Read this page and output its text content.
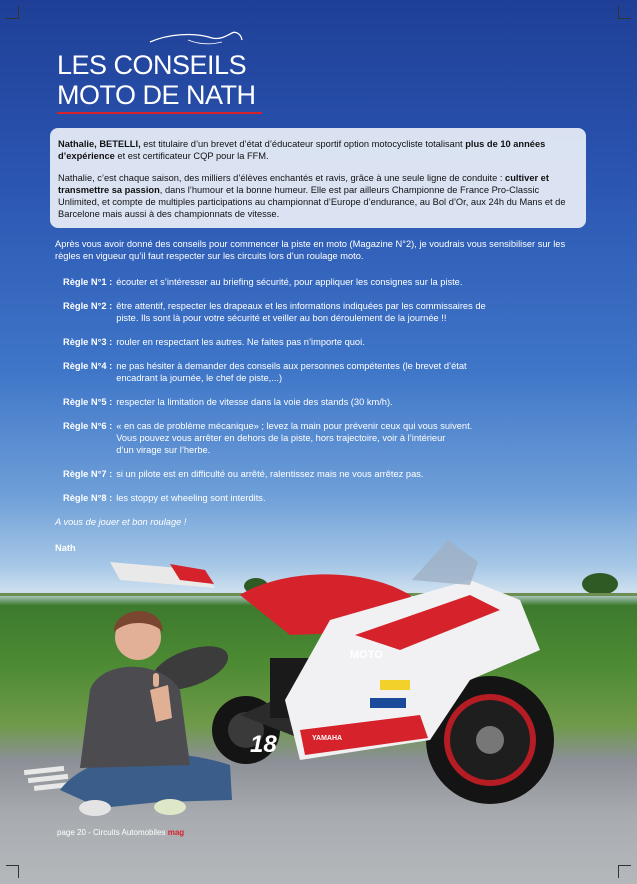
LES CONSEILS
MOTO DE NATH

Nathalie, BETELLI, est titulaire d’un brevet d’état d’éducateur sportif option motocycliste totalisant plus de 10 années d’expérience et est certificateur CQP pour la FFM.

Nathalie, c’est chaque saison, des milliers d’élèves enchantés et ravis, grâce à une seule ligne de conduite : cultiver et transmettre sa passion, dans l’humour et la bonne humeur. Elle est par ailleurs Championne de France Pro-Classic Unlimited, et compte de multiples participations au championnat d’Europe d’endurance, au Bol d’Or, aux 24h du Mans et de Barcelone mais aussi à des championnats de vitesse.

Après vous avoir donné des conseils pour commencer la piste en moto (Magazine N°2), je voudrais vous sensibiliser sur les règles en vigueur qu’il faut respecter sur les circuits lors d’un roulage moto.

Règle N°1 : écouter et s’intéresser au briefing sécurité, pour appliquer les consignes sur la piste.

Règle N°2 : être attentif, respecter les drapeaux et les informations indiquées par les commissaires de
piste. Ils sont là pour votre sécurité et veiller au bon déroulement de la journée !!

Règle N°3 : rouler en respectant les autres. Ne faites pas n’importe quoi.

Règle N°4 : ne pas hésiter à demander des conseils aux personnes compétentes (le brevet d’état
encadrant la journée, le chef de piste,...)

Règle N°5 : respecter la limitation de vitesse dans la voie des stands (30 km/h).

Règle N°6 : « en cas de problème mécanique» ; levez la main pour prévenir ceux qui vous suivent.
Vous pouvez vous arrêter en dehors de la piste, hors trajectoire, voir à l’intérieur
d’un virage sur l’herbe.

Règle N°7 : si un pilote est en difficulté ou arrêté, ralentissez mais ne vous arrêtez pas.

Règle N°8 : les stoppy et wheeling sont interdits.

A vous de jouer et bon roulage !

Nath

18
MOTO
YAMAHA
page 20 - Circuits Automobiles mag
